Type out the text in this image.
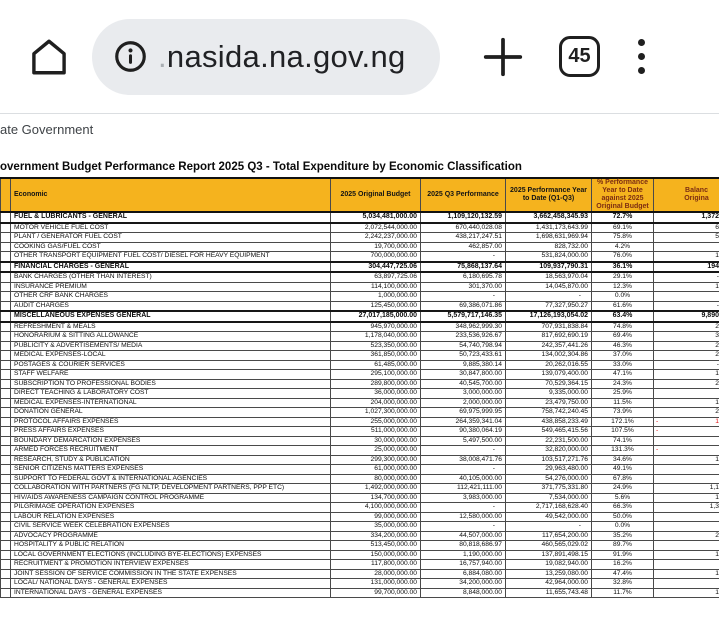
.nasida.na.gov.ng	45
ate Government
overnment Budget Performance Report 2025 Q3 - Total Expenditure by Economic Classification
	Economic	2025 Original Budget	2025 Q3 Performance	2025 Performance Year to Date (Q1-Q3)	% Performance Year to Date against 2025 Original Budget	Balanc Origina
	FUEL & LUBRICANTS - GENERAL	5,034,481,000.00	1,109,120,132.59	3,662,458,345.93	72.7%	1,372
	MOTOR VEHICLE FUEL COST	2,072,544,000.00	670,440,028.08	1,431,173,643.99	69.1%	6
	PLANT / GENERATOR FUEL COST	2,242,237,000.00	438,217,247.51	1,698,631,969.94	75.8%	5
	COOKING GAS/FUEL COST	19,700,000.00	462,857.00	828,732.00	4.2%	
	OTHER TRANSPORT EQUIPMENT FUEL COST/ DIESEL FOR HEAVY EQUIPMENT	700,000,000.00	-	531,824,000.00	76.0%	1
	FINANCIAL CHARGES - GENERAL	304,447,725.06	75,868,137.64	109,937,790.31	36.1%	194
	BANK CHARGES (OTHER THAN INTEREST)	63,897,725.06	6,180,695.78	18,563,970.04	29.1%	-
	INSURANCE PREMIUM	114,100,000.00	301,370.00	14,045,870.00	12.3%	1
	OTHER CRF BANK CHARGES	1,000,000.00	-	-	0.0%	
	AUDIT CHARGES	125,450,000.00	69,386,071.86	77,327,950.27	61.6%	-
	MISCELLANEOUS EXPENSES GENERAL	27,017,185,000.00	5,579,717,146.35	17,126,193,054.02	63.4%	9,890
	REFRESHMENT & MEALS	945,970,000.00	348,962,999.30	707,931,838.84	74.8%	2
	HONORARIUM & SITTING ALLOWANCE	1,178,040,000.00	233,536,926.67	817,692,690.19	69.4%	3
	PUBLICITY & ADVERTISEMENTS/ MEDIA	523,350,000.00	54,740,798.94	242,357,441.26	46.3%	2
	MEDICAL EXPENSES-LOCAL	361,850,000.00	50,723,433.61	134,002,304.86	37.0%	2
	POSTAGES & COURIER SERVICES	61,485,000.00	9,885,380.14	20,262,016.55	33.0%	-
	STAFF WELFARE	295,100,000.00	30,847,800.00	139,079,400.00	47.1%	1
	SUBSCRIPTION TO PROFESSIONAL BODIES	289,800,000.00	40,545,700.00	70,529,364.15	24.3%	2
	DIRECT TEACHING & LABORATORY COST	36,000,000.00	3,000,000.00	9,335,000.00	25.9%	
	MEDICAL EXPENSES-INTERNATIONAL	204,000,000.00	2,000,000.00	23,479,750.00	11.5%	1
	DONATION GENERAL	1,027,300,000.00	69,975,999.95	758,742,240.45	73.9%	2
	PROTOCOL AFFAIRS EXPENSES	255,000,000.00	264,359,341.04	438,858,233.49	172.1%	- 1

	PRESS AFFAIRS EXPENSES	511,000,000.00	90,380,064.19	549,465,415.56	107.5%	-

	BOUNDARY DEMARCATION EXPENSES	30,000,000.00	5,497,500.00	22,231,500.00	74.1%	
	ARMED FORCES RECRUITMENT	25,000,000.00	-	32,820,000.00	131.3%	-

	RESEARCH, STUDY & PUBLICATION	299,300,000.00	38,008,471.76	103,517,271.76	34.6%	1
	SENIOR CITIZENS MATTERS EXPENSES	61,000,000.00	-	29,963,480.00	49.1%	
	SUPPORT TO FEDERAL GOVT & INTERNATIONAL AGENCIES	80,000,000.00	40,105,000.00	54,276,000.00	67.8%	
	COLLABORATION WITH PARTNERS (FG NLTP, DEVELOPMENT PARTNERS, PPP ETC)	1,492,000,000.00	112,421,111.00	371,775,331.80	24.9%	1,1
	HIV/AIDS AWARENESS CAMPAIGN CONTROL PROGRAMME	134,700,000.00	3,983,000.00	7,534,000.00	5.6%	1
	PILGRIMAGE OPERATION EXPENSES	4,100,000,000.00	-	2,717,168,628.40	66.3%	1,3
	LABOUR RELATION EXPENSES	99,000,000.00	12,580,000.00	49,542,000.00	50.0%	
	CIVIL SERVICE WEEK CELEBRATION EXPENSES	35,000,000.00	-	-	0.0%	
	ADVOCACY PROGRAMME	334,200,000.00	44,507,000.00	117,654,200.00	35.2%	2
	HOSPITALITY & PUBLIC RELATION	513,450,000.00	80,818,686.97	460,565,029.02	89.7%	
	LOCAL GOVERNMENT ELECTIONS (INCLUDING BYE-ELECTIONS) EXPENSES	150,000,000.00	1,190,000.00	137,891,498.15	91.9%	1
	RECRUITMENT & PROMOTION INTERVIEW EXPENSES	117,800,000.00	16,757,940.00	19,082,940.00	16.2%	
	JOINT SESSION OF SERVICE COMMISSION IN THE STATE EXPENSES	28,000,000.00	6,884,080.00	13,259,080.00	47.4%	1
	LOCAL/ NATIONAL DAYS - GENERAL EXPENSES	131,000,000.00	34,200,000.00	42,964,000.00	32.8%	
	INTERNATIONAL DAYS - GENERAL EXPENSES	99,700,000.00	8,848,000.00	11,655,743.48	11.7%	1
